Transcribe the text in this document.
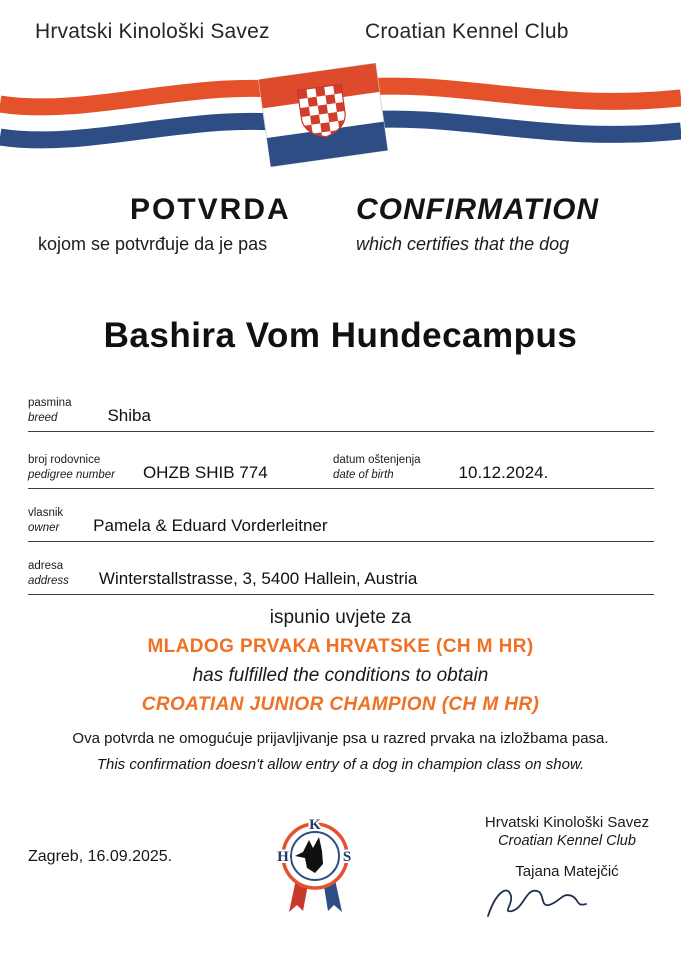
Hrvatski Kinološki Savez	Croatian Kennel Club
POTVRDA CONFIRMATION
kojom se potvrđuje da je pas	which certifies that the dog
Bashira Vom Hundecampus
pasmina
breed	Shiba
broj rodovnice
pedigree number OHZB SHIB 774
datum oštenjenja
date of birth	10.12.2024.
vlasnik
owner Pamela & Eduard Vorderleitner
adresa
address Winterstallstrasse, 3, 5400 Hallein, Austria
ispunio uvjete za
MLADOG PRVAKA HRVATSKE (CH M HR)
has fulfilled the conditions to obtain
CROATIAN JUNIOR CHAMPION (CH M HR)
Ova potvrda ne omogućuje prijavljivanje psa u razred prvaka na izložbama pasa.
This confirmation doesn't allow entry of a dog in champion class on show.
Zagreb, 16.09.2025.
K
H	S
Hrvatski Kinološki Savez
Croatian Kennel Club
Tajana Matejčić
